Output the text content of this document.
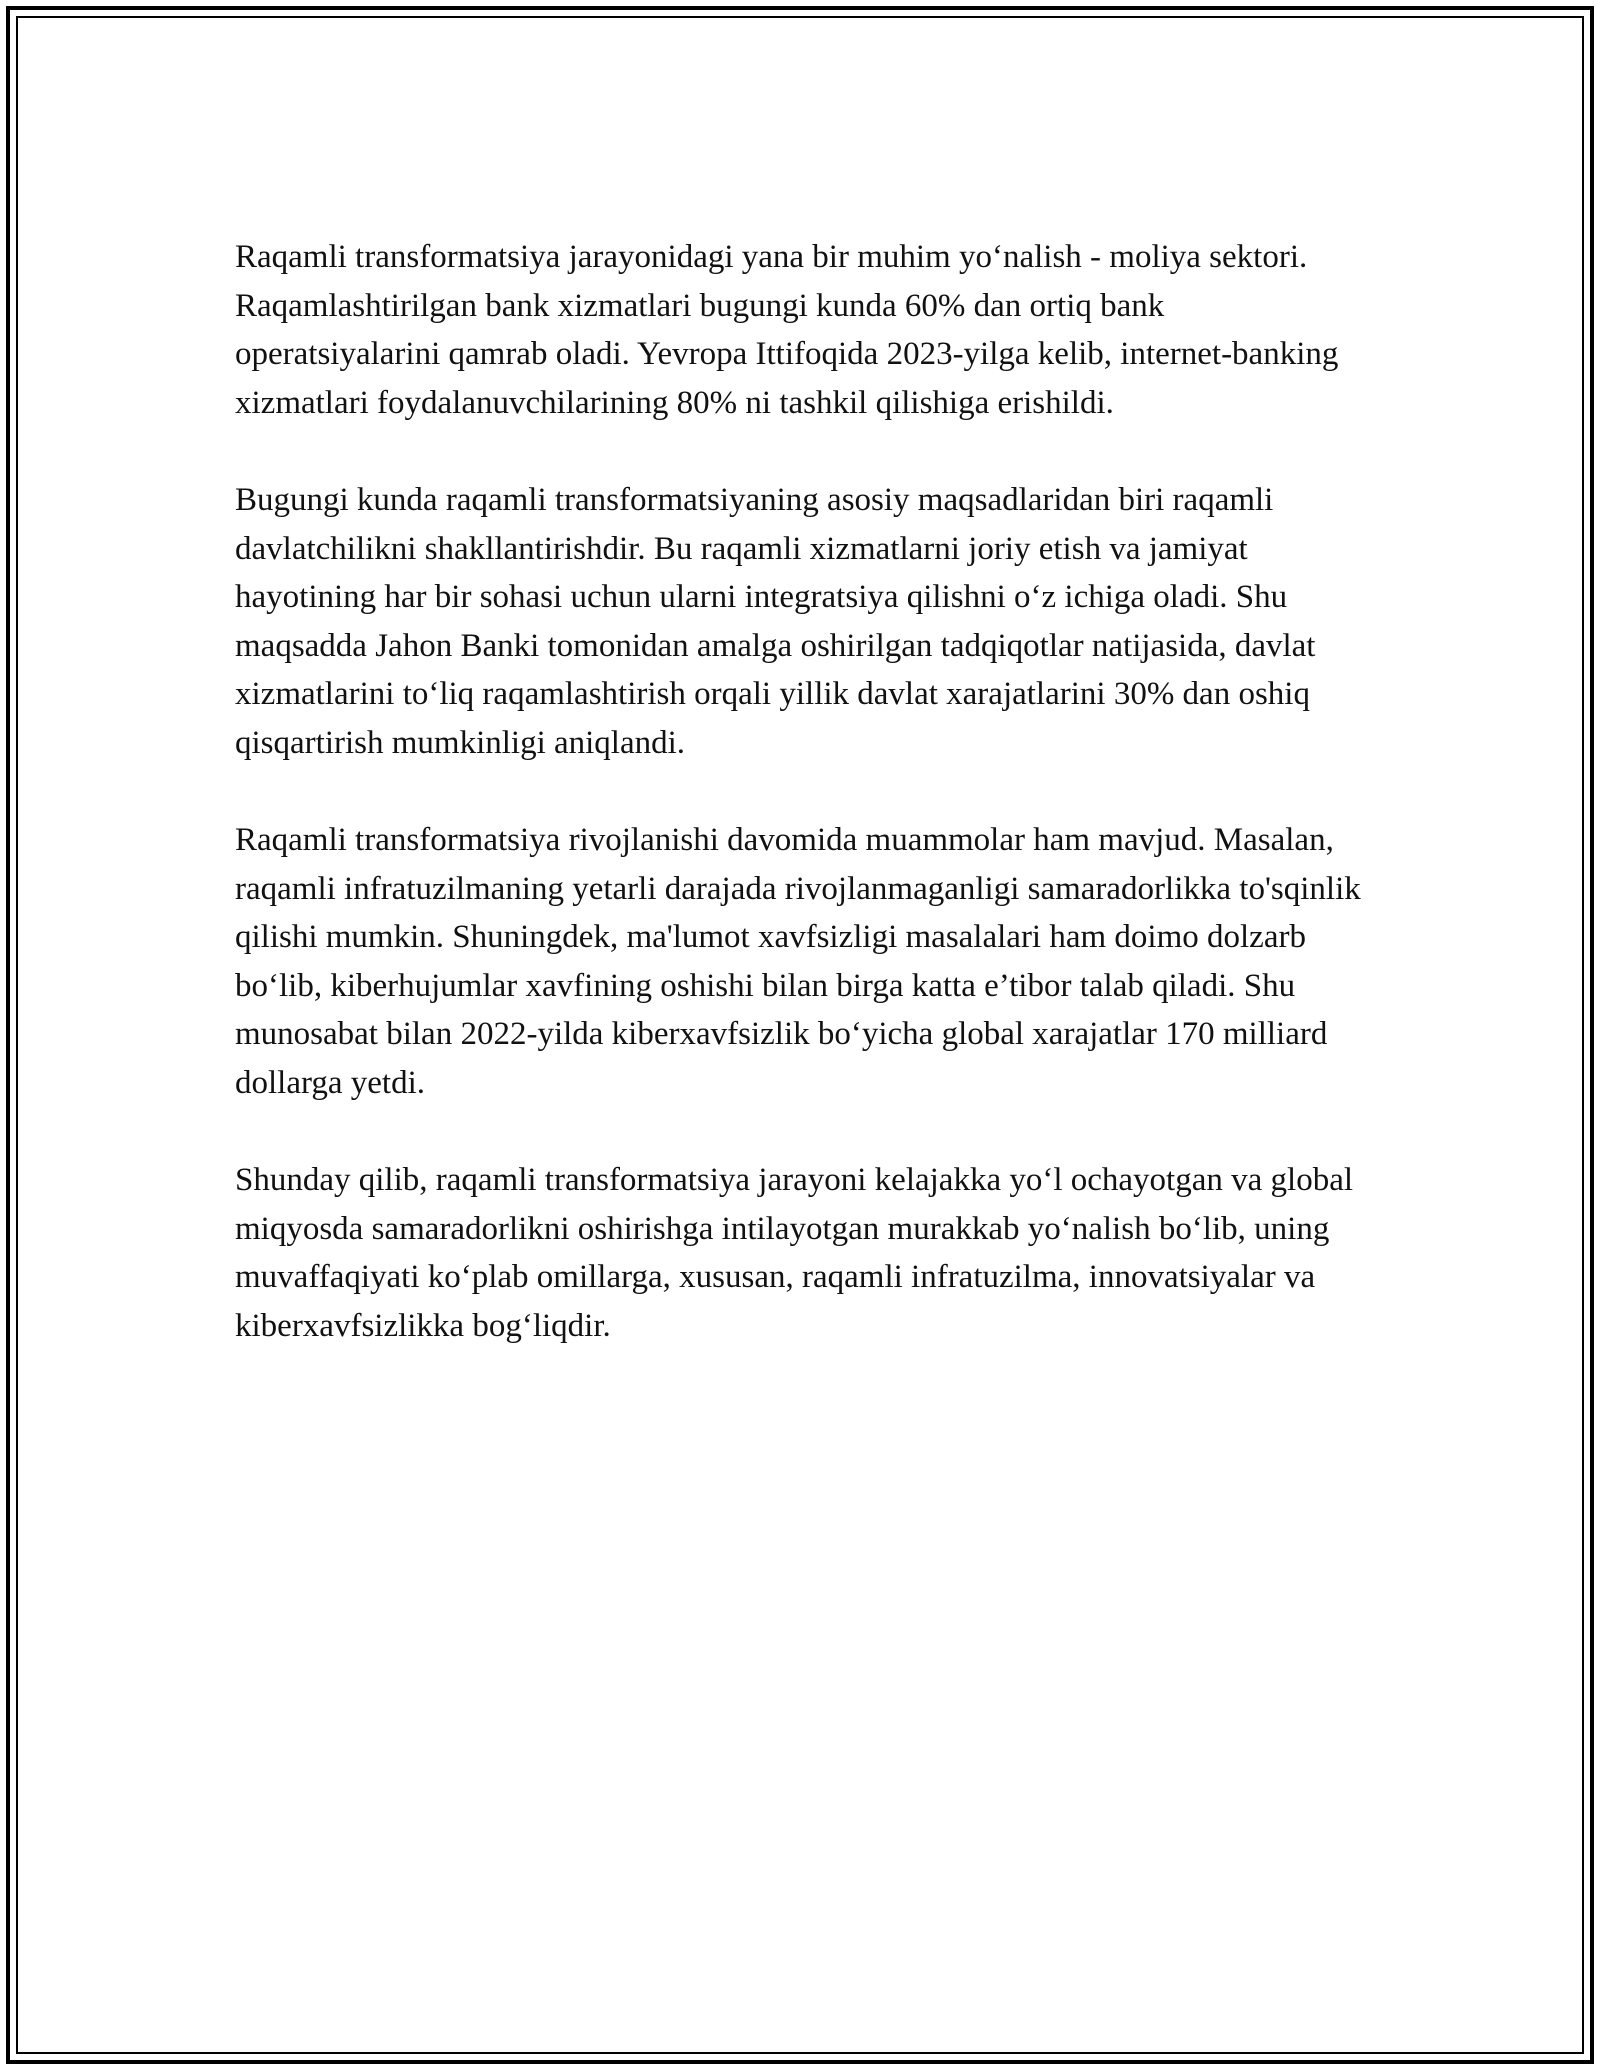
Raqamli transformatsiya jarayonidagi yana bir muhim yo‘nalish - moliya sektori. Raqamlashtirilgan bank xizmatlari bugungi kunda 60% dan ortiq bank operatsiyalarini qamrab oladi. Yevropa Ittifoqida 2023-yilga kelib, internet-banking xizmatlari foydalanuvchilarining 80% ni tashkil qilishiga erishildi.

Bugungi kunda raqamli transformatsiyaning asosiy maqsadlaridan biri raqamli davlatchilikni shakllantirishdir. Bu raqamli xizmatlarni joriy etish va jamiyat hayotining har bir sohasi uchun ularni integratsiya qilishni o‘z ichiga oladi. Shu maqsadda Jahon Banki tomonidan amalga oshirilgan tadqiqotlar natijasida, davlat xizmatlarini to‘liq raqamlashtirish orqali yillik davlat xarajatlarini 30% dan oshiq qisqartirish mumkinligi aniqlandi.

Raqamli transformatsiya rivojlanishi davomida muammolar ham mavjud. Masalan, raqamli infratuzilmaning yetarli darajada rivojlanmaganligi samaradorlikka to'sqinlik qilishi mumkin. Shuningdek, ma'lumot xavfsizligi masalalari ham doimo dolzarb bo‘lib, kiberhujumlar xavfining oshishi bilan birga katta e’tibor talab qiladi. Shu munosabat bilan 2022-yilda kiberxavfsizlik bo‘yicha global xarajatlar 170 milliard dollarga yetdi.

Shunday qilib, raqamli transformatsiya jarayoni kelajakka yo‘l ochayotgan va global miqyosda samaradorlikni oshirishga intilayotgan murakkab yo‘nalish bo‘lib, uning muvaffaqiyati ko‘plab omillarga, xususan, raqamli infratuzilma, innovatsiyalar va kiberxavfsizlikka bog‘liqdir.
